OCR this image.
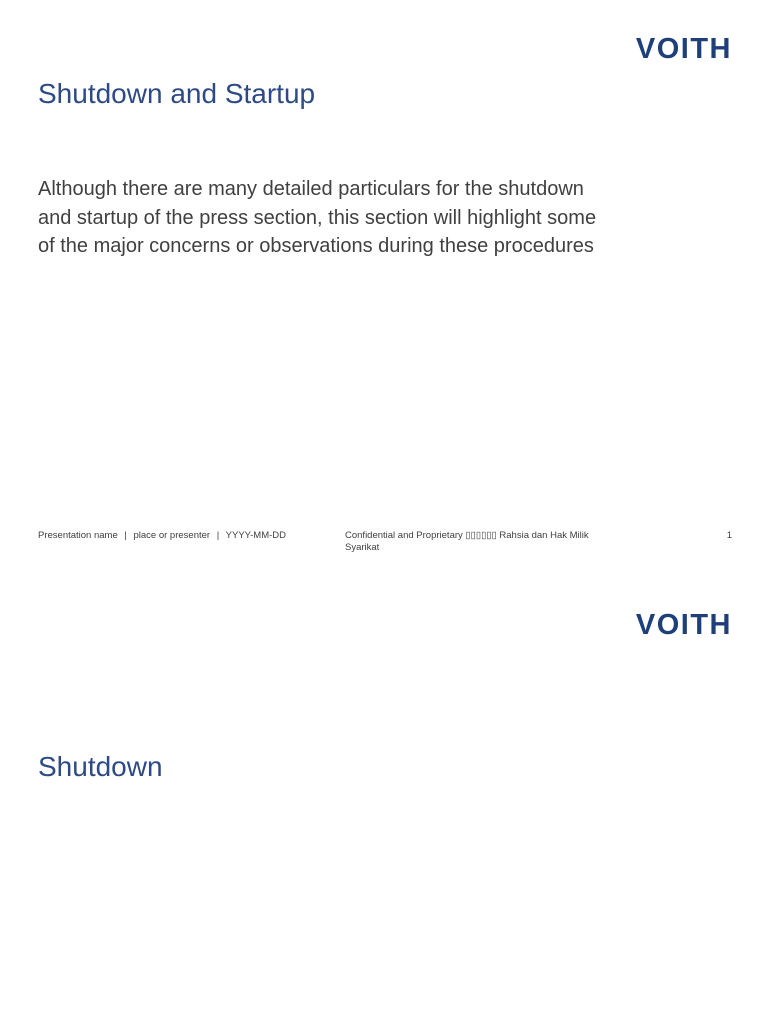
VOITH
Shutdown and Startup
Although there are many detailed particulars for the shutdown
and startup of the press section, this section will highlight some
of the major concerns or observations during these procedures
Presentation name | place or presenter | YYYY-MM-DD	Confidential and Proprietary ▯▯▯▯▯▯ Rahsia dan Hak Milik
Syarikat
1
VOITH
Shutdown
